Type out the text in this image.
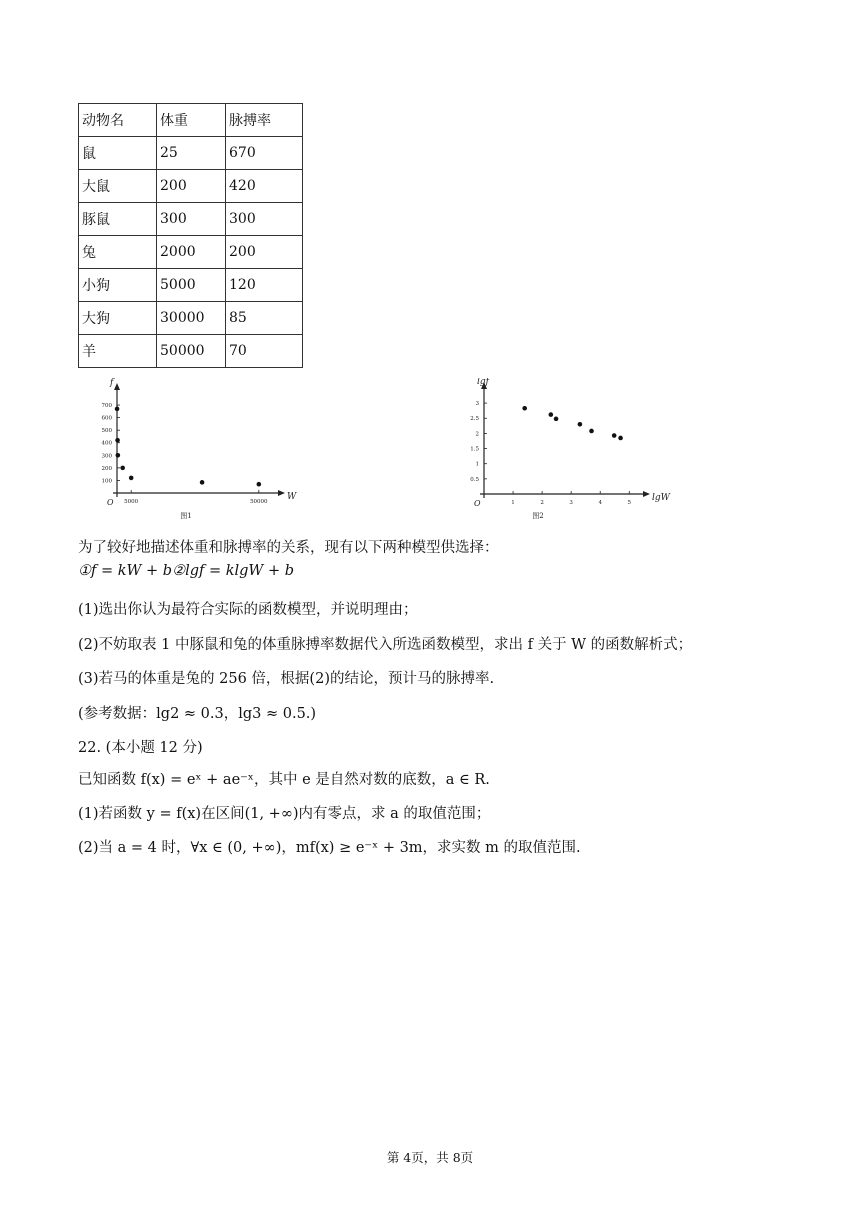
动物名	体重	脉搏率
鼠	25	670
大鼠	200	420
豚鼠	300	300
兔	2000	200
小狗	5000	120
大狗	30000	85
羊	50000	70
O
100
200
300
400
500
600
700
5000	50000 W
f
图1
O
0.5
1
1.5
2
2.5
3
1	2	3	4	5 lgW
lgf
图2
为了较好地描述体重和脉搏率的关系，现有以下两种模型供选择：
①f = kW + b②lgf = klgW + b
(1)选出你认为最符合实际的函数模型，并说明理由；
(2)不妨取表 1 中豚鼠和兔的体重脉搏率数据代入所选函数模型，求出 f 关于 W 的函数解析式；
(3)若马的体重是兔的 256 倍，根据(2)的结论，预计马的脉搏率.
(参考数据：lg2 ≈ 0.3，lg3 ≈ 0.5.)
22. (本小题 12 分)
已知函数 f(x) = eˣ + ae⁻ˣ，其中 e 是自然对数的底数，a ∈ R.
(1)若函数 y = f(x)在区间(1, +∞)内有零点，求 a 的取值范围；
(2)当 a = 4 时，∀x ∈ (0, +∞)，mf(x) ≥ e⁻ˣ + 3m，求实数 m 的取值范围.
第 4页，共 8页
